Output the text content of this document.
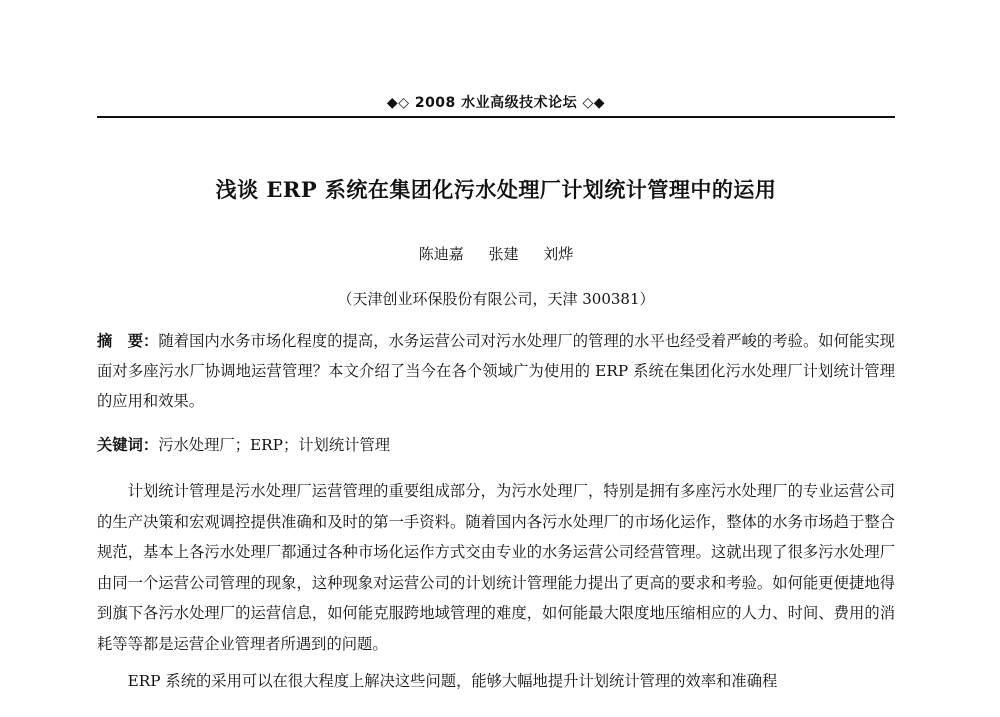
◆◇ 2008 水业高级技术论坛 ◇◆
浅谈 ERP 系统在集团化污水处理厂计划统计管理中的运用
陈迪嘉 张建 刘烨
（天津创业环保股份有限公司，天津 300381）
摘　要：随着国内水务市场化程度的提高，水务运营公司对污水处理厂的管理的水平也经受着严峻的考验。如何能实现面对多座污水厂协调地运营管理？本文介绍了当今在各个领域广为使用的 ERP 系统在集团化污水处理厂计划统计管理的应用和效果。
关键词：污水处理厂；ERP；计划统计管理

计划统计管理是污水处理厂运营管理的重要组成部分，为污水处理厂，特别是拥有多座污水处理厂的专业运营公司的生产决策和宏观调控提供准确和及时的第一手资料。随着国内各污水处理厂的市场化运作，整体的水务市场趋于整合规范，基本上各污水处理厂都通过各种市场化运作方式交由专业的水务运营公司经营管理。这就出现了很多污水处理厂由同一个运营公司管理的现象，这种现象对运营公司的计划统计管理能力提出了更高的要求和考验。如何能更便捷地得到旗下各污水处理厂的运营信息，如何能克服跨地域管理的难度，如何能最大限度地压缩相应的人力、时间、费用的消耗等等都是运营企业管理者所遇到的问题。

ERP 系统的采用可以在很大程度上解决这些问题，能够大幅地提升计划统计管理的效率和准确程
